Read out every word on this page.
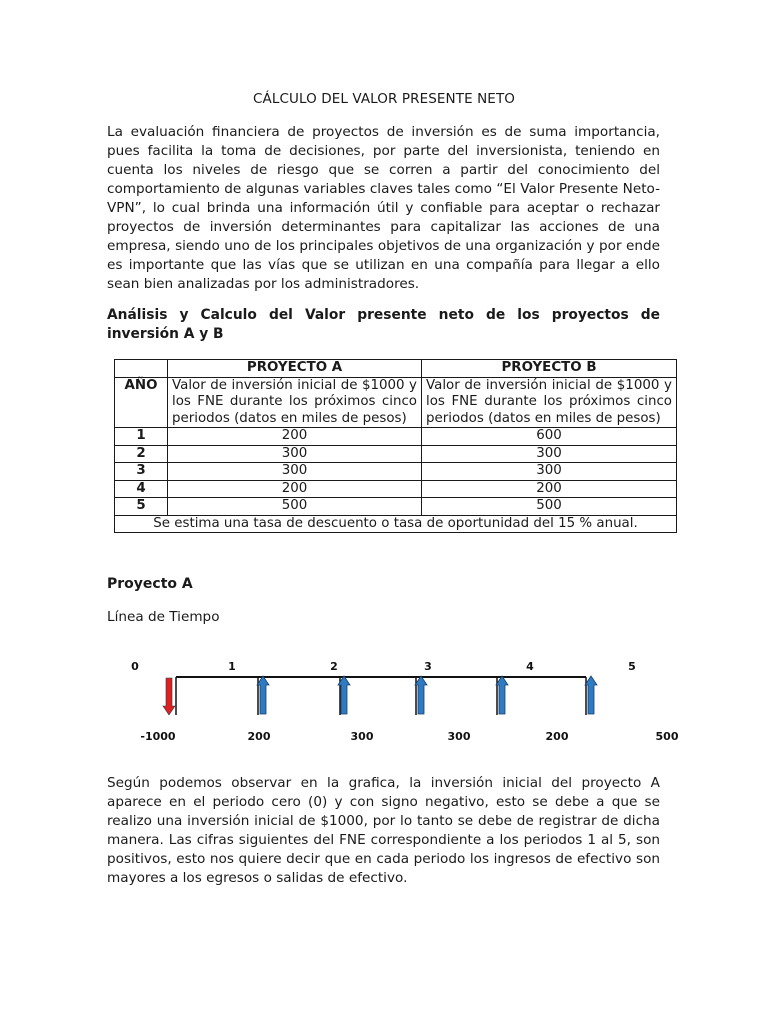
CÁLCULO DEL VALOR PRESENTE NETO

La evaluación financiera de proyectos de inversión es de suma importancia, pues facilita la toma de decisiones, por parte del inversionista, teniendo en cuenta los niveles de riesgo que se corren a partir del conocimiento del comportamiento de algunas variables claves tales como “El Valor Presente Neto-VPN”, lo cual brinda una información útil y confiable para aceptar o rechazar proyectos de inversión determinantes para capitalizar las acciones de una empresa, siendo uno de los principales objetivos de una organización y por ende es importante que las vías que se utilizan en una compañía para llegar a ello sean bien analizadas por los administradores.

Análisis y Calculo del Valor presente neto de los proyectos de inversión A y B

	PROYECTO A	PROYECTO B
AÑO	Valor de inversión inicial de $1000 y los FNE durante los próximos cinco periodos (datos en miles de pesos)	Valor de inversión inicial de $1000 y los FNE durante los próximos cinco periodos (datos en miles de pesos)
1	200	600
2	300	300
3	300	300
4	200	200
5	500	500
Se estima una tasa de descuento o tasa de oportunidad del 15 % anual.		
Proyecto A
Línea de Tiempo
0	1	2	3	4	5
-1000	200	300	300	200	500

Según podemos observar en la grafica, la inversión inicial del proyecto A aparece en el periodo cero (0) y con signo negativo, esto se debe a que se realizo una inversión inicial de $1000, por lo tanto se debe de registrar de dicha manera. Las cifras siguientes del FNE correspondiente a los periodos 1 al 5, son positivos, esto nos quiere decir que en cada periodo los ingresos de efectivo son mayores a los egresos o salidas de efectivo.
